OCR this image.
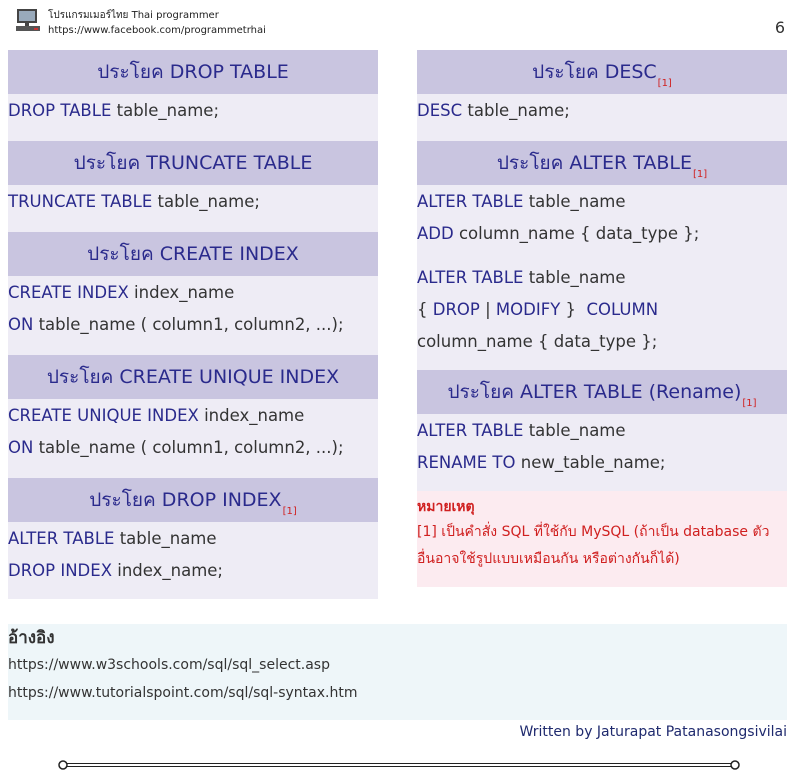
โปรแกรมเมอร์ไทย Thai programmer
https://www.facebook.com/programmetrhai	6
ประโยค DROP TABLE
DROP TABLE table_name;
ประโยค TRUNCATE TABLE
TRUNCATE TABLE table_name;
ประโยค CREATE INDEX
CREATE INDEX index_name
ON table_name ( column1, column2, ...);
ประโยค CREATE UNIQUE INDEX
CREATE UNIQUE INDEX index_name
ON table_name ( column1, column2, ...);
ประโยค DROP $INDEX_{[1]}$
ALTER TABLE table_name
DROP INDEX index_name;
ประโยค $DESC_{[1]}$
DESC table_name;
ประโยค ALTER $TABLE_{[1]}$
ALTER TABLE table_name
ADD column_name { data_type };
ALTER TABLE table_name
{ DROP | MODIFY }  COLUMN
column_name { data_type };
ประโยค ALTER TABLE $(Rename)_{[1]}$
ALTER TABLE table_name
RENAME TO new_table_name;
หมายเหตุ
[1] เป็นคำสั่ง SQL ที่ใช้กับ MySQL (ถ้าเป็น database ตัว
อื่นอาจใช้รูปแบบเหมือนกัน หรือต่างกันก็ได้)
อ้างอิง
https://www.w3schools.com/sql/sql_select.asp
https://www.tutorialspoint.com/sql/sql-syntax.htm
Written by Jaturapat Patanasongsivilai
